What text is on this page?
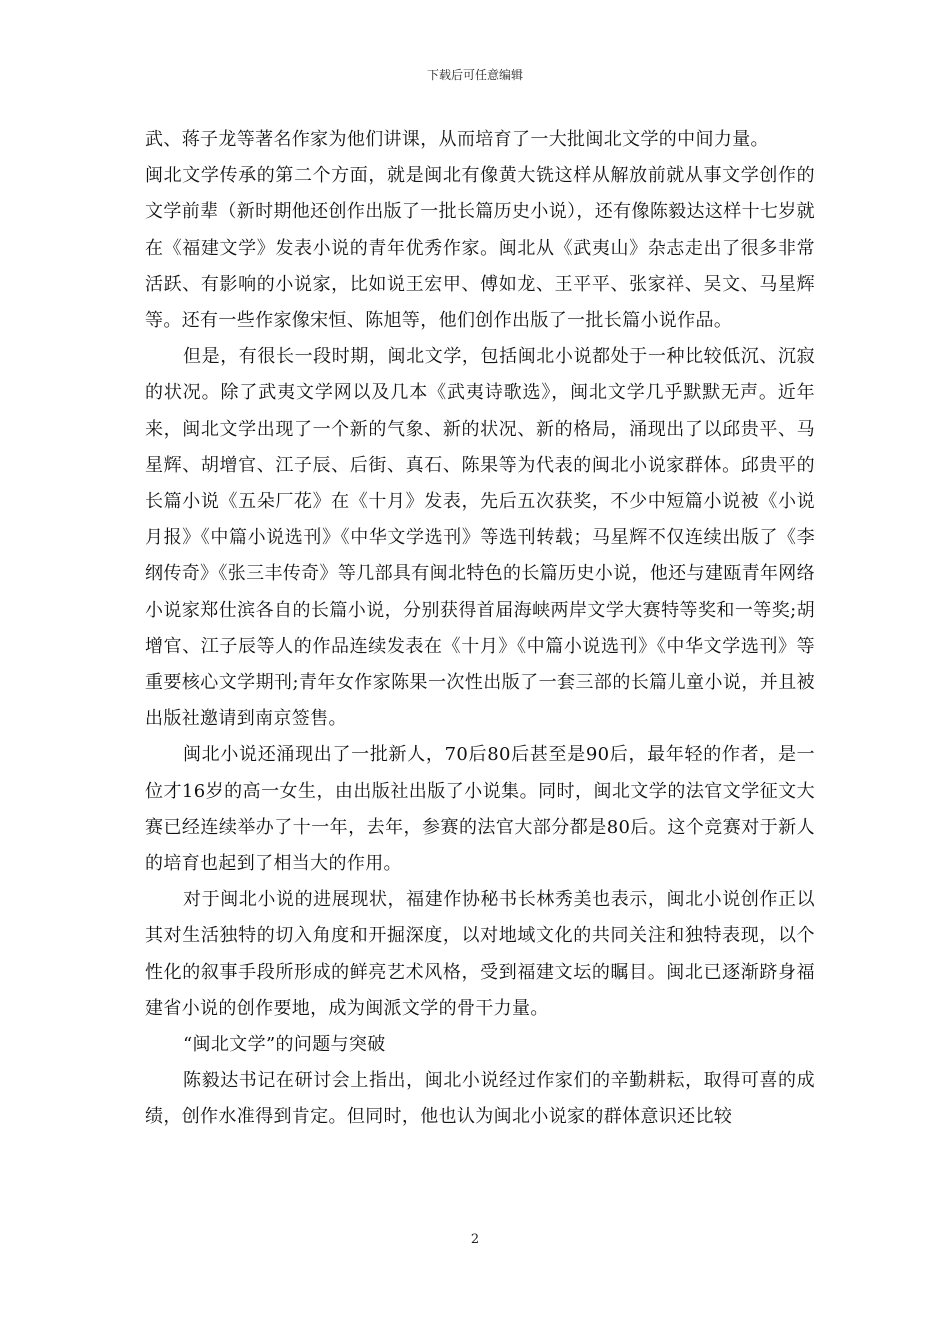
下载后可任意编辑

武、蒋子龙等著名作家为他们讲课，从而培育了一大批闽北文学的中间力量。

闽北文学传承的第二个方面，就是闽北有像黄大铣这样从解放前就从事文学创作的文学前辈（新时期他还创作出版了一批长篇历史小说），还有像陈毅达这样十七岁就在《福建文学》发表小说的青年优秀作家。闽北从《武夷山》杂志走出了很多非常活跃、有影响的小说家，比如说王宏甲、傅如龙、王平平、张家祥、吴文、马星辉等。还有一些作家像宋恒、陈旭等，他们创作出版了一批长篇小说作品。

但是，有很长一段时期，闽北文学，包括闽北小说都处于一种比较低沉、沉寂的状况。除了武夷文学网以及几本《武夷诗歌选》，闽北文学几乎默默无声。近年来，闽北文学出现了一个新的气象、新的状况、新的格局，涌现出了以邱贵平、马星辉、胡增官、江子辰、后街、真石、陈果等为代表的闽北小说家群体。邱贵平的长篇小说《五朵厂花》在《十月》发表，先后五次获奖，不少中短篇小说被《小说月报》《中篇小说选刊》《中华文学选刊》等选刊转载；马星辉不仅连续出版了《李纲传奇》《张三丰传奇》等几部具有闽北特色的长篇历史小说，他还与建瓯青年网络小说家郑仕滨各自的长篇小说，分别获得首届海峡两岸文学大赛特等奖和一等奖;胡增官、江子辰等人的作品连续发表在《十月》《中篇小说选刊》《中华文学选刊》等重要核心文学期刊;青年女作家陈果一次性出版了一套三部的长篇儿童小说，并且被出版社邀请到南京签售。

闽北小说还涌现出了一批新人，70后80后甚至是90后，最年轻的作者，是一位才16岁的高一女生，由出版社出版了小说集。同时，闽北文学的法官文学征文大赛已经连续举办了十一年，去年，参赛的法官大部分都是80后。这个竞赛对于新人的培育也起到了相当大的作用。

对于闽北小说的进展现状，福建作协秘书长林秀美也表示，闽北小说创作正以其对生活独特的切入角度和开掘深度，以对地域文化的共同关注和独特表现，以个性化的叙事手段所形成的鲜亮艺术风格，受到福建文坛的瞩目。闽北已逐渐跻身福建省小说的创作要地，成为闽派文学的骨干力量。

“闽北文学”的问题与突破

陈毅达书记在研讨会上指出，闽北小说经过作家们的辛勤耕耘，取得可喜的成绩，创作水准得到肯定。但同时，他也认为闽北小说家的群体意识还比较

2
